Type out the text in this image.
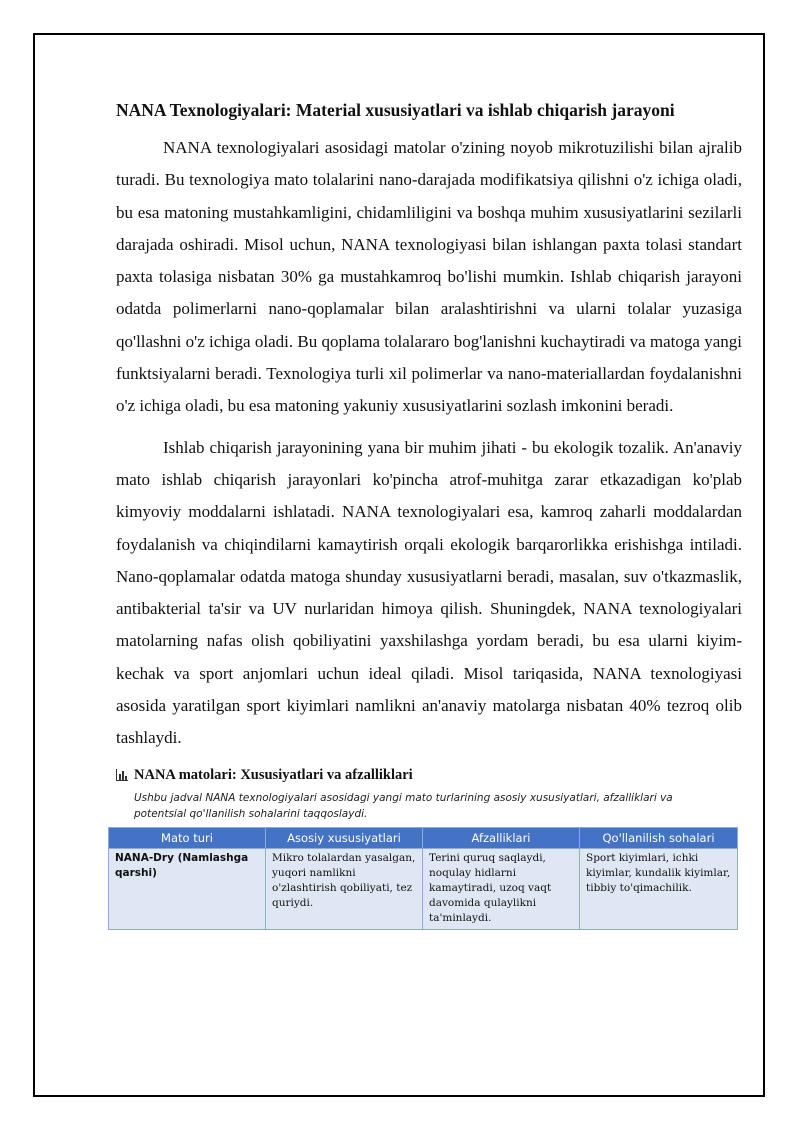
NANA Texnologiyalari: Material xususiyatlari va ishlab chiqarish jarayoni

NANA texnologiyalari asosidagi matolar o'zining noyob mikrotuzilishi bilan ajralib turadi. Bu texnologiya mato tolalarini nano-darajada modifikatsiya qilishni o'z ichiga oladi, bu esa matoning mustahkamligini, chidamliligini va boshqa muhim xususiyatlarini sezilarli darajada oshiradi. Misol uchun, NANA texnologiyasi bilan ishlangan paxta tolasi standart paxta tolasiga nisbatan 30% ga mustahkamroq bo'lishi mumkin. Ishlab chiqarish jarayoni odatda polimerlarni nano-qoplamalar bilan aralashtirishni va ularni tolalar yuzasiga qo'llashni o'z ichiga oladi. Bu qoplama tolalararo bog'lanishni kuchaytiradi va matoga yangi funktsiyalarni beradi. Texnologiya turli xil polimerlar va nano-materiallardan foydalanishni o'z ichiga oladi, bu esa matoning yakuniy xususiyatlarini sozlash imkonini beradi.

Ishlab chiqarish jarayonining yana bir muhim jihati - bu ekologik tozalik. An'anaviy mato ishlab chiqarish jarayonlari ko'pincha atrof-muhitga zarar etkazadigan ko'plab kimyoviy moddalarni ishlatadi. NANA texnologiyalari esa, kamroq zaharli moddalardan foydalanish va chiqindilarni kamaytirish orqali ekologik barqarorlikka erishishga intiladi. Nano-qoplamalar odatda matoga shunday xususiyatlarni beradi, masalan, suv o'tkazmaslik, antibakterial ta'sir va UV nurlaridan himoya qilish. Shuningdek, NANA texnologiyalari matolarning nafas olish qobiliyatini yaxshilashga yordam beradi, bu esa ularni kiyim-kechak va sport anjomlari uchun ideal qiladi. Misol tariqasida, NANA texnologiyasi asosida yaratilgan sport kiyimlari namlikni an'anaviy matolarga nisbatan 40% tezroq olib tashlaydi.

NANA matolari: Xususiyatlari va afzalliklari
Ushbu jadval NANA texnologiyalari asosidagi yangi mato turlarining asosiy xususiyatlari, afzalliklari va potentsial qo'llanilish sohalarini taqqoslaydi.
Mato turi	Asosiy xususiyatlari	Afzalliklari	Qo'llanilish sohalari
NANA-Dry (Namlashga qarshi)	Mikro tolalardan yasalgan, yuqori namlikni o'zlashtirish qobiliyati, tez quriydi.	Terini quruq saqlaydi, noqulay hidlarni kamaytiradi, uzoq vaqt davomida qulaylikni ta'minlaydi.	Sport kiyimlari, ichki kiyimlar, kundalik kiyimlar, tibbiy to'qimachilik.
